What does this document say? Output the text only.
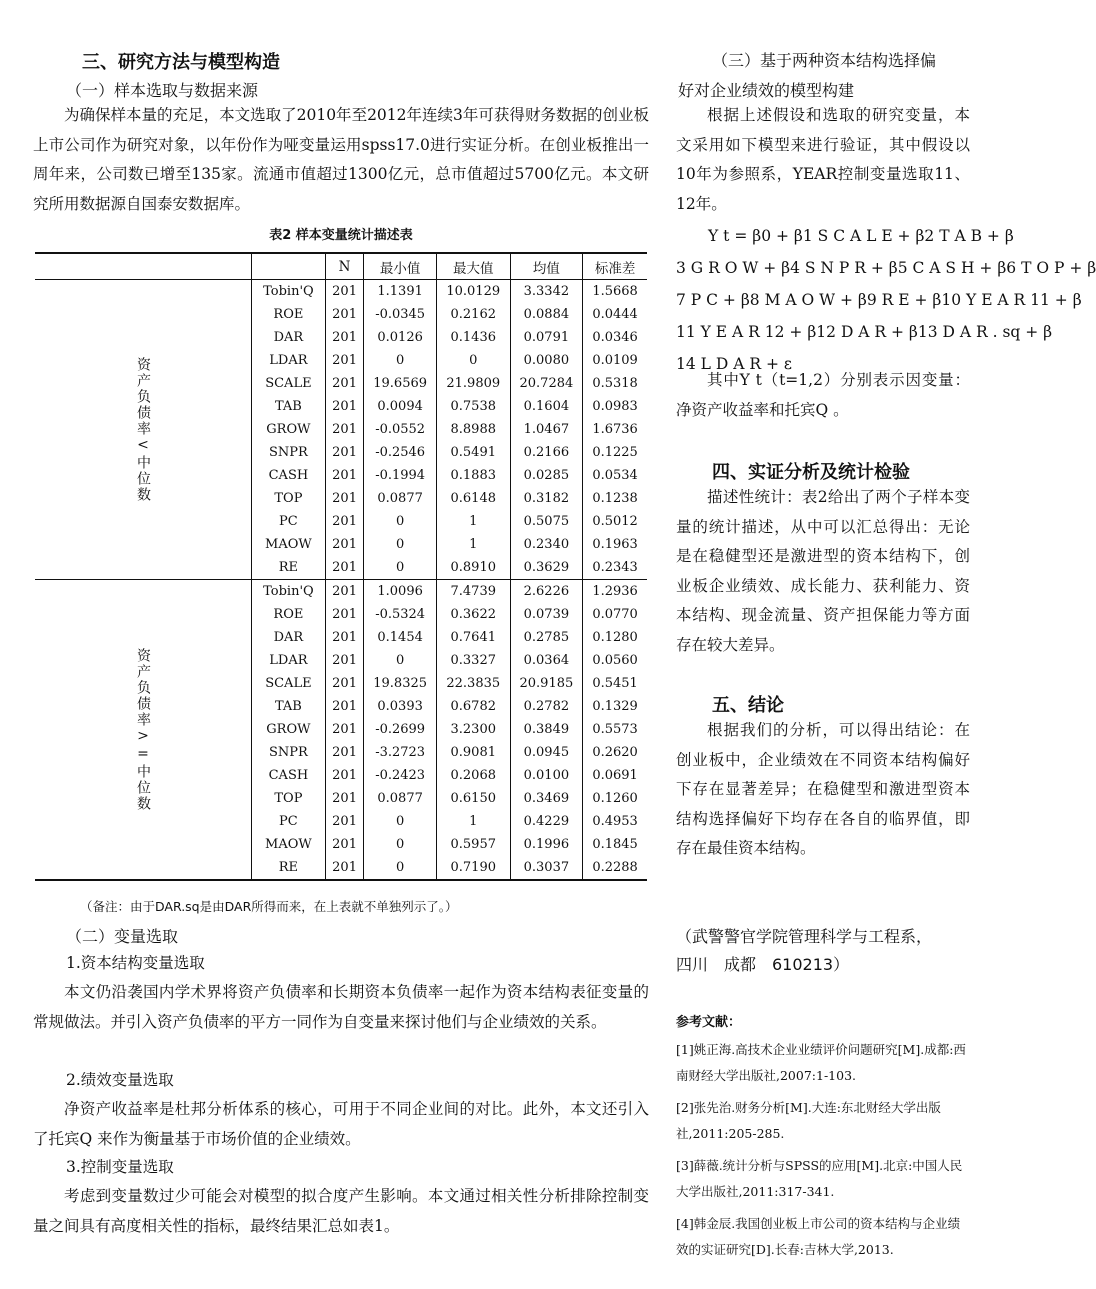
三、研究方法与模型构造
（一）样本选取与数据来源
为确保样本量的充足，本文选取了2010年至2012年连续3年可获得财务数据的创业板上市公司作为研究对象，以年份作为哑变量运用spss17.0进行实证分析。在创业板推出一周年来，公司数已增至135家。流通市值超过1300亿元，总市值超过5700亿元。本文研究所用数据源自国泰安数据库。
表2 样本变量统计描述表
		N	最小值	最大值	均值	标准差
资产负债率<中位数	Tobin'Q	201	1.1391	10.0129	3.3342	1.5668
	ROE	201	-0.0345	0.2162	0.0884	0.0444
	DAR	201	0.0126	0.1436	0.0791	0.0346
	LDAR	201	0	0	0.0080	0.0109
	SCALE	201	19.6569	21.9809	20.7284	0.5318
	TAB	201	0.0094	0.7538	0.1604	0.0983
	GROW	201	-0.0552	8.8988	1.0467	1.6736
	SNPR	201	-0.2546	0.5491	0.2166	0.1225
	CASH	201	-0.1994	0.1883	0.0285	0.0534
	TOP	201	0.0877	0.6148	0.3182	0.1238
	PC	201	0	1	0.5075	0.5012
	MAOW	201	0	1	0.2340	0.1963
	RE	201	0	0.8910	0.3629	0.2343
资产负债率>=中位数	Tobin'Q	201	1.0096	7.4739	2.6226	1.2936
	ROE	201	-0.5324	0.3622	0.0739	0.0770
	DAR	201	0.1454	0.7641	0.2785	0.1280
	LDAR	201	0	0.3327	0.0364	0.0560
	SCALE	201	19.8325	22.3835	20.9185	0.5451
	TAB	201	0.0393	0.6782	0.2782	0.1329
	GROW	201	-0.2699	3.2300	0.3849	0.5573
	SNPR	201	-3.2723	0.9081	0.0945	0.2620
	CASH	201	-0.2423	0.2068	0.0100	0.0691
	TOP	201	0.0877	0.6150	0.3469	0.1260
	PC	201	0	1	0.4229	0.4953
	MAOW	201	0	0.5957	0.1996	0.1845
	RE	201	0	0.7190	0.3037	0.2288
（备注：由于DAR.sq是由DAR所得而来，在上表就不单独列示了。）
（二）变量选取
1.资本结构变量选取
本文仍沿袭国内学术界将资产负债率和长期资本负债率一起作为资本结构表征变量的常规做法。并引入资产负债率的平方一同作为自变量来探讨他们与企业绩效的关系。
2.绩效变量选取
净资产收益率是杜邦分析体系的核心，可用于不同企业间的对比。此外，本文还引入了托宾Q 来作为衡量基于市场价值的企业绩效。
3.控制变量选取
考虑到变量数过少可能会对模型的拟合度产生影响。本文通过相关性分析排除控制变量之间具有高度相关性的指标，最终结果汇总如表1。
（三）基于两种资本结构选择偏
好对企业绩效的模型构建
根据上述假设和选取的研究变量，本文采用如下模型来进行验证，其中假设以10年为参照系，YEAR控制变量选取11、12年。
Y t = β0 + β1 S C A L E + β2 T A B + β
3 G R O W + β4 S N P R + β5 C A S H + β6 T O P + β
7 P C + β8 M A O W + β9 R E + β10 Y E A R 11 + β
11 Y E A R 12 + β12 D A R + β13 D A R . sq + β
14 L D A R + ε
其中Y t（t=1,2）分别表示因变量：净资产收益率和托宾Q 。
四、实证分析及统计检验
描述性统计：表2给出了两个子样本变量的统计描述，从中可以汇总得出：无论是在稳健型还是激进型的资本结构下，创业板企业绩效、成长能力、获利能力、资本结构、现金流量、资产担保能力等方面存在较大差异。
五、结论
根据我们的分析，可以得出结论：在创业板中，企业绩效在不同资本结构偏好下存在显著差异；在稳健型和激进型资本结构选择偏好下均存在各自的临界值，即存在最佳资本结构。
（武警警官学院管理科学与工程系，
四川　成都　610213）
参考文献：

[1]姚正海.高技术企业业绩评价问题研究[M].成都:西南财经大学出版社,2007:1-103.

[2]张先治.财务分析[M].大连:东北财经大学出版社,2011:205-285.

[3]薛薇.统计分析与SPSS的应用[M].北京:中国人民大学出版社,2011:317-341.

[4]韩金辰.我国创业板上市公司的资本结构与企业绩效的实证研究[D].长春:吉林大学,2013.
